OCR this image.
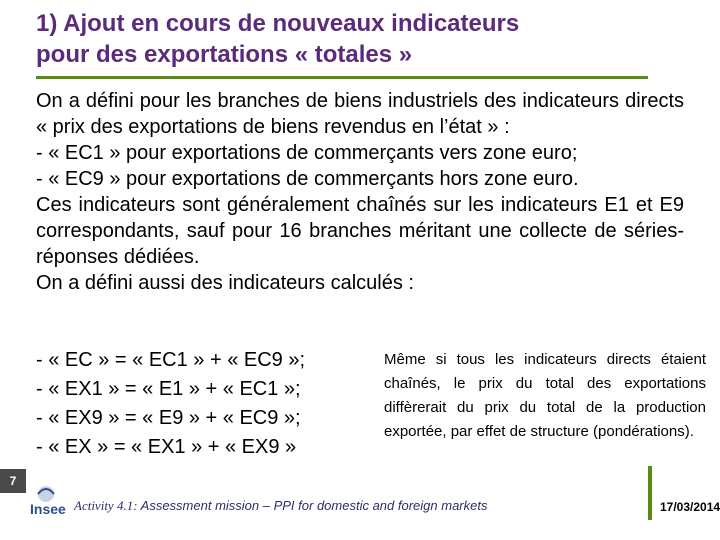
1) Ajout en cours de nouveaux indicateurs
pour des exportations « totales »
On a défini pour les branches de biens industriels des indicateurs directs « prix des exportations de biens revendus en l’état » :
- « EC1 » pour exportations de commerçants vers zone euro;
- « EC9 » pour exportations de commerçants hors zone euro.
Ces indicateurs sont généralement chaînés sur les indicateurs E1 et E9 correspondants, sauf pour 16 branches méritant une collecte de séries-réponses dédiées.
On a défini aussi des indicateurs calculés :
- « EC » = « EC1 » + « EC9 »;
- « EX1 » = « E1 » + « EC1 »;
- « EX9 » = « E9 » + « EC9 »;
- « EX » = « EX1 » + « EX9 »
Même si tous les indicateurs directs étaient chaînés, le prix du total des exportations diffèrerait du prix du total de la production exportée, par effet de structure (pondérations).
7
Insee Activity 4.1: Assessment mission – PPI for domestic and foreign markets	17/03/2014
